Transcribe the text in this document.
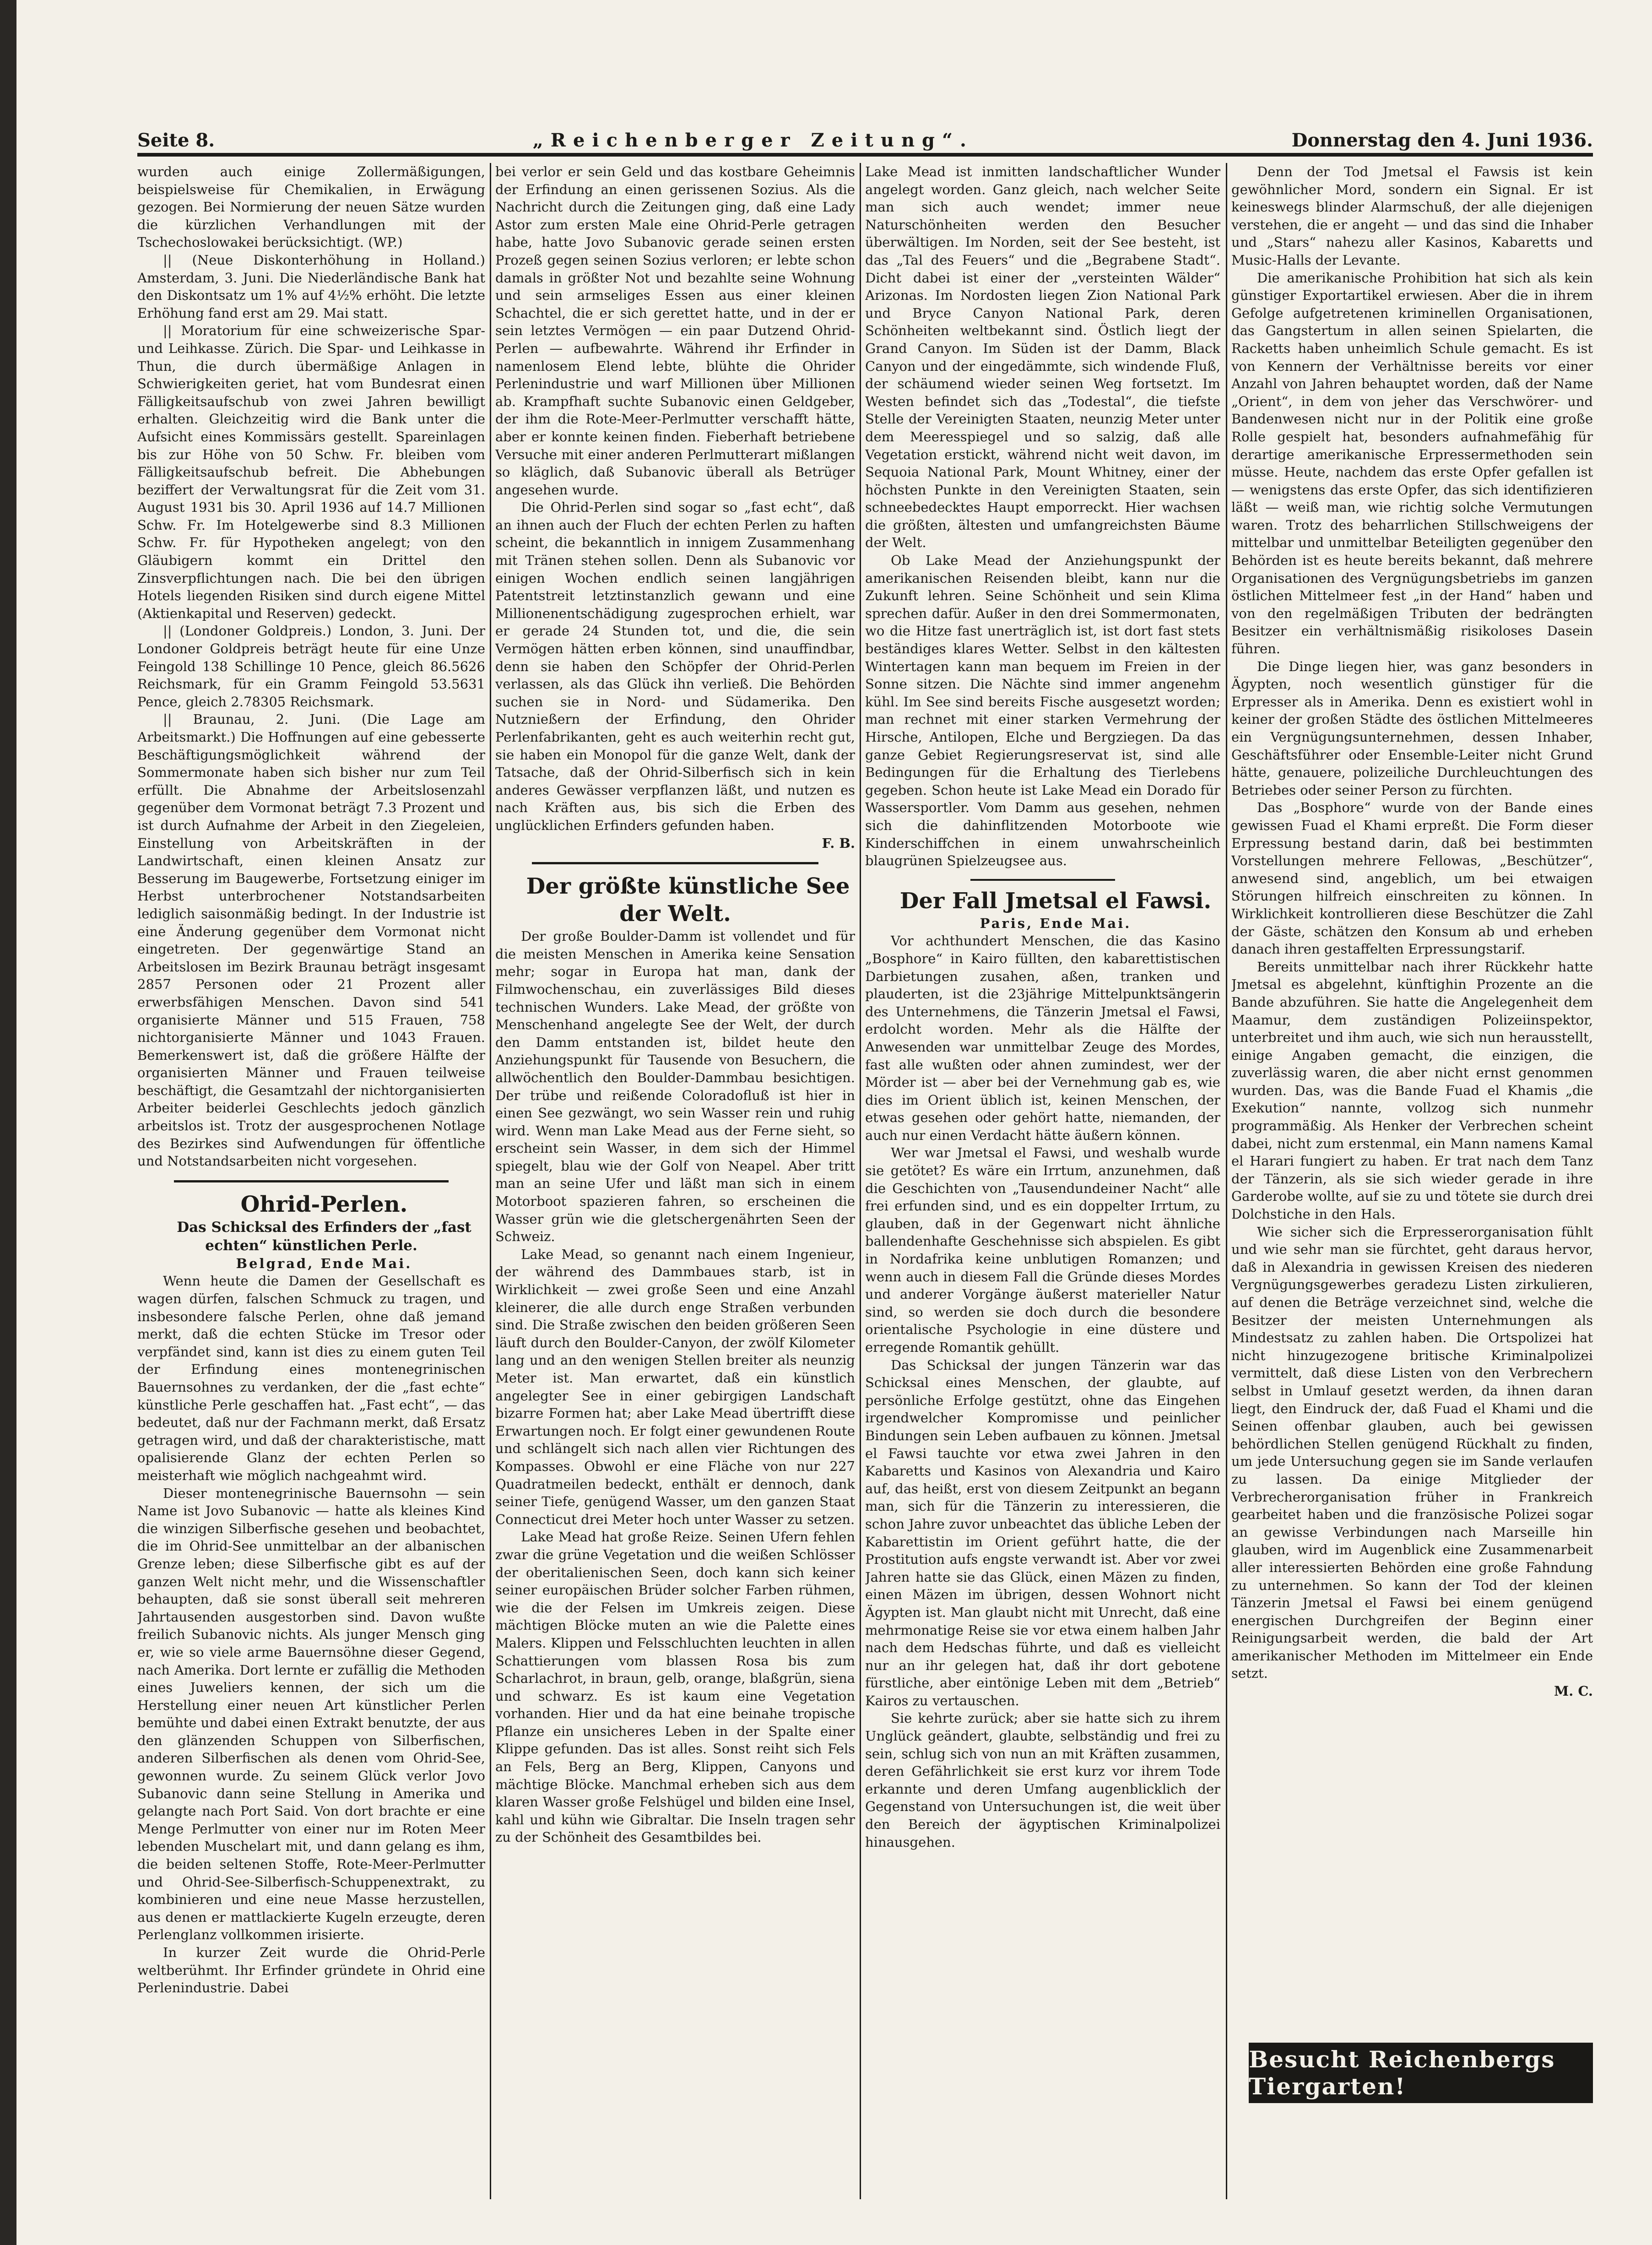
Seite 8.	„Reichenberger Zeitung“.	Donnerstag den 4. Juni 1936.

wurden auch einige Zollermäßigungen, beispielsweise für Chemikalien, in Erwägung gezogen. Bei Normierung der neuen Sätze wurden die kürzlichen Verhandlungen mit der Tschechoslowakei berücksichtigt. (WP.)

|| (Neue Diskonterhöhung in Holland.) Amsterdam, 3. Juni. Die Niederländische Bank hat den Diskontsatz um 1% auf 4½% erhöht. Die letzte Erhöhung fand erst am 29. Mai statt.

|| Moratorium für eine schweizerische Spar- und Leihkasse. Zürich. Die Spar- und Leihkasse in Thun, die durch übermäßige Anlagen in Schwierigkeiten geriet, hat vom Bundesrat einen Fälligkeitsaufschub von zwei Jahren bewilligt erhalten. Gleichzeitig wird die Bank unter die Aufsicht eines Kommissärs gestellt. Spareinlagen bis zur Höhe von 50 Schw. Fr. bleiben vom Fälligkeitsaufschub befreit. Die Abhebungen beziffert der Verwaltungsrat für die Zeit vom 31. August 1931 bis 30. April 1936 auf 14.7 Millionen Schw. Fr. Im Hotelgewerbe sind 8.3 Millionen Schw. Fr. für Hypotheken angelegt; von den Gläubigern kommt ein Drittel den Zinsverpflichtungen nach. Die bei den übrigen Hotels liegenden Risiken sind durch eigene Mittel (Aktienkapital und Reserven) gedeckt.

|| (Londoner Goldpreis.) London, 3. Juni. Der Londoner Goldpreis beträgt heute für eine Unze Feingold 138 Schillinge 10 Pence, gleich 86.5626 Reichsmark, für ein Gramm Feingold 53.5631 Pence, gleich 2.78305 Reichsmark.

|| Braunau, 2. Juni. (Die Lage am Arbeitsmarkt.) Die Hoffnungen auf eine gebesserte Beschäftigungsmöglichkeit während der Sommermonate haben sich bisher nur zum Teil erfüllt. Die Abnahme der Arbeitslosenzahl gegenüber dem Vormonat beträgt 7.3 Prozent und ist durch Aufnahme der Arbeit in den Ziegeleien, Einstellung von Arbeitskräften in der Landwirtschaft, einen kleinen Ansatz zur Besserung im Baugewerbe, Fortsetzung einiger im Herbst unterbrochener Notstandsarbeiten lediglich saisonmäßig bedingt. In der Industrie ist eine Änderung gegenüber dem Vormonat nicht eingetreten. Der gegenwärtige Stand an Arbeitslosen im Bezirk Braunau beträgt insgesamt 2857 Personen oder 21 Prozent aller erwerbsfähigen Menschen. Davon sind 541 organisierte Männer und 515 Frauen, 758 nichtorganisierte Männer und 1043 Frauen. Bemerkenswert ist, daß die größere Hälfte der organisierten Männer und Frauen teilweise beschäftigt, die Gesamtzahl der nichtorganisierten Arbeiter beiderlei Geschlechts jedoch gänzlich arbeitslos ist. Trotz der ausgesprochenen Notlage des Bezirkes sind Aufwendungen für öffentliche und Notstandsarbeiten nicht vorgesehen.

Ohrid-Perlen.

Das Schicksal des Erfinders der „fast echten“ künstlichen Perle.

Belgrad, Ende Mai.

Wenn heute die Damen der Gesellschaft es wagen dürfen, falschen Schmuck zu tragen, und insbesondere falsche Perlen, ohne daß jemand merkt, daß die echten Stücke im Tresor oder verpfändet sind, kann ist dies zu einem guten Teil der Erfindung eines montenegrinischen Bauernsohnes zu verdanken, der die „fast echte“ künstliche Perle geschaffen hat. „Fast echt“, — das bedeutet, daß nur der Fachmann merkt, daß Ersatz getragen wird, und daß der charakteristische, matt opalisierende Glanz der echten Perlen so meisterhaft wie möglich nachgeahmt wird.

Dieser montenegrinische Bauernsohn — sein Name ist Jovo Subanovic — hatte als kleines Kind die winzigen Silberfische gesehen und beobachtet, die im Ohrid-See unmittelbar an der albanischen Grenze leben; diese Silberfische gibt es auf der ganzen Welt nicht mehr, und die Wissenschaftler behaupten, daß sie sonst überall seit mehreren Jahrtausenden ausgestorben sind. Davon wußte freilich Subanovic nichts. Als junger Mensch ging er, wie so viele arme Bauernsöhne dieser Gegend, nach Amerika. Dort lernte er zufällig die Methoden eines Juweliers kennen, der sich um die Herstellung einer neuen Art künstlicher Perlen bemühte und dabei einen Extrakt benutzte, der aus den glänzenden Schuppen von Silberfischen, anderen Silberfischen als denen vom Ohrid-See, gewonnen wurde. Zu seinem Glück verlor Jovo Subanovic dann seine Stellung in Amerika und gelangte nach Port Said. Von dort brachte er eine Menge Perlmutter von einer nur im Roten Meer lebenden Muschelart mit, und dann gelang es ihm, die beiden seltenen Stoffe, Rote-Meer-Perlmutter und Ohrid-See-Silberfisch-Schuppenextrakt, zu kombinieren und eine neue Masse herzustellen, aus denen er mattlackierte Kugeln erzeugte, deren Perlenglanz vollkommen irisierte.

In kurzer Zeit wurde die Ohrid-Perle weltberühmt. Ihr Erfinder gründete in Ohrid eine Perlenindustrie. Dabei

bei verlor er sein Geld und das kostbare Geheimnis der Erfindung an einen gerissenen Sozius. Als die Nachricht durch die Zeitungen ging, daß eine Lady Astor zum ersten Male eine Ohrid-Perle getragen habe, hatte Jovo Subanovic gerade seinen ersten Prozeß gegen seinen Sozius verloren; er lebte schon damals in größter Not und bezahlte seine Wohnung und sein armseliges Essen aus einer kleinen Schachtel, die er sich gerettet hatte, und in der er sein letztes Vermögen — ein paar Dutzend Ohrid-Perlen — aufbewahrte. Während ihr Erfinder in namenlosem Elend lebte, blühte die Ohrider Perlenindustrie und warf Millionen über Millionen ab. Krampfhaft suchte Subanovic einen Geldgeber, der ihm die Rote-Meer-Perlmutter verschafft hätte, aber er konnte keinen finden. Fieberhaft betriebene Versuche mit einer anderen Perlmutterart mißlangen so kläglich, daß Subanovic überall als Betrüger angesehen wurde.

Die Ohrid-Perlen sind sogar so „fast echt“, daß an ihnen auch der Fluch der echten Perlen zu haften scheint, die bekanntlich in innigem Zusammenhang mit Tränen stehen sollen. Denn als Subanovic vor einigen Wochen endlich seinen langjährigen Patentstreit letztinstanzlich gewann und eine Millionenentschädigung zugesprochen erhielt, war er gerade 24 Stunden tot, und die, die sein Vermögen hätten erben können, sind unauffindbar, denn sie haben den Schöpfer der Ohrid-Perlen verlassen, als das Glück ihn verließ. Die Behörden suchen sie in Nord- und Südamerika. Den Nutznießern der Erfindung, den Ohrider Perlenfabrikanten, geht es auch weiterhin recht gut, sie haben ein Monopol für die ganze Welt, dank der Tatsache, daß der Ohrid-Silberfisch sich in kein anderes Gewässer verpflanzen läßt, und nutzen es nach Kräften aus, bis sich die Erben des unglücklichen Erfinders gefunden haben.

F. B.

Der größte künstliche See der Welt.

Der große Boulder-Damm ist vollendet und für die meisten Menschen in Amerika keine Sensation mehr; sogar in Europa hat man, dank der Filmwochenschau, ein zuverlässiges Bild dieses technischen Wunders. Lake Mead, der größte von Menschenhand angelegte See der Welt, der durch den Damm entstanden ist, bildet heute den Anziehungspunkt für Tausende von Besuchern, die allwöchentlich den Boulder-Dammbau besichtigen. Der trübe und reißende Coloradofluß ist hier in einen See gezwängt, wo sein Wasser rein und ruhig wird. Wenn man Lake Mead aus der Ferne sieht, so erscheint sein Wasser, in dem sich der Himmel spiegelt, blau wie der Golf von Neapel. Aber tritt man an seine Ufer und läßt man sich in einem Motorboot spazieren fahren, so erscheinen die Wasser grün wie die gletschergenährten Seen der Schweiz.

Lake Mead, so genannt nach einem Ingenieur, der während des Dammbaues starb, ist in Wirklichkeit — zwei große Seen und eine Anzahl kleinerer, die alle durch enge Straßen verbunden sind. Die Straße zwischen den beiden größeren Seen läuft durch den Boulder-Canyon, der zwölf Kilometer lang und an den wenigen Stellen breiter als neunzig Meter ist. Man erwartet, daß ein künstlich angelegter See in einer gebirgigen Landschaft bizarre Formen hat; aber Lake Mead übertrifft diese Erwartungen noch. Er folgt einer gewundenen Route und schlängelt sich nach allen vier Richtungen des Kompasses. Obwohl er eine Fläche von nur 227 Quadratmeilen bedeckt, enthält er dennoch, dank seiner Tiefe, genügend Wasser, um den ganzen Staat Connecticut drei Meter hoch unter Wasser zu setzen.

Lake Mead hat große Reize. Seinen Ufern fehlen zwar die grüne Vegetation und die weißen Schlösser der oberitalienischen Seen, doch kann sich keiner seiner europäischen Brüder solcher Farben rühmen, wie die der Felsen im Umkreis zeigen. Diese mächtigen Blöcke muten an wie die Palette eines Malers. Klippen und Felsschluchten leuchten in allen Schattierungen vom blassen Rosa bis zum Scharlachrot, in braun, gelb, orange, blaßgrün, siena und schwarz. Es ist kaum eine Vegetation vorhanden. Hier und da hat eine beinahe tropische Pflanze ein unsicheres Leben in der Spalte einer Klippe gefunden. Das ist alles. Sonst reiht sich Fels an Fels, Berg an Berg, Klippen, Canyons und mächtige Blöcke. Manchmal erheben sich aus dem klaren Wasser große Felshügel und bilden eine Insel, kahl und kühn wie Gibraltar. Die Inseln tragen sehr zu der Schönheit des Gesamtbildes bei.

Lake Mead ist inmitten landschaftlicher Wunder angelegt worden. Ganz gleich, nach welcher Seite man sich auch wendet; immer neue Naturschönheiten werden den Besucher überwältigen. Im Norden, seit der See besteht, ist das „Tal des Feuers“ und die „Begrabene Stadt“. Dicht dabei ist einer der „versteinten Wälder“ Arizonas. Im Nordosten liegen Zion National Park und Bryce Canyon National Park, deren Schönheiten weltbekannt sind. Östlich liegt der Grand Canyon. Im Süden ist der Damm, Black Canyon und der eingedämmte, sich windende Fluß, der schäumend wieder seinen Weg fortsetzt. Im Westen befindet sich das „Todestal“, die tiefste Stelle der Vereinigten Staaten, neunzig Meter unter dem Meeresspiegel und so salzig, daß alle Vegetation erstickt, während nicht weit davon, im Sequoia National Park, Mount Whitney, einer der höchsten Punkte in den Vereinigten Staaten, sein schneebedecktes Haupt emporreckt. Hier wachsen die größten, ältesten und umfangreichsten Bäume der Welt.

Ob Lake Mead der Anziehungspunkt der amerikanischen Reisenden bleibt, kann nur die Zukunft lehren. Seine Schönheit und sein Klima sprechen dafür. Außer in den drei Sommermonaten, wo die Hitze fast unerträglich ist, ist dort fast stets beständiges klares Wetter. Selbst in den kältesten Wintertagen kann man bequem im Freien in der Sonne sitzen. Die Nächte sind immer angenehm kühl. Im See sind bereits Fische ausgesetzt worden; man rechnet mit einer starken Vermehrung der Hirsche, Antilopen, Elche und Bergziegen. Da das ganze Gebiet Regierungsreservat ist, sind alle Bedingungen für die Erhaltung des Tierlebens gegeben. Schon heute ist Lake Mead ein Dorado für Wassersportler. Vom Damm aus gesehen, nehmen sich die dahinflitzenden Motorboote wie Kinderschiffchen in einem unwahrscheinlich blaugrünen Spielzeugsee aus.

Der Fall Jmetsal el Fawsi.

Paris, Ende Mai.

Vor achthundert Menschen, die das Kasino „Bosphore“ in Kairo füllten, den kabarettistischen Darbietungen zusahen, aßen, tranken und plauderten, ist die 23jährige Mittelpunktsängerin des Unternehmens, die Tänzerin Jmetsal el Fawsi, erdolcht worden. Mehr als die Hälfte der Anwesenden war unmittelbar Zeuge des Mordes, fast alle wußten oder ahnen zumindest, wer der Mörder ist — aber bei der Vernehmung gab es, wie dies im Orient üblich ist, keinen Menschen, der etwas gesehen oder gehört hatte, niemanden, der auch nur einen Verdacht hätte äußern können.

Wer war Jmetsal el Fawsi, und weshalb wurde sie getötet? Es wäre ein Irrtum, anzunehmen, daß die Geschichten von „Tausendundeiner Nacht“ alle frei erfunden sind, und es ein doppelter Irrtum, zu glauben, daß in der Gegenwart nicht ähnliche ballendenhafte Geschehnisse sich abspielen. Es gibt in Nordafrika keine unblutigen Romanzen; und wenn auch in diesem Fall die Gründe dieses Mordes und anderer Vorgänge äußerst materieller Natur sind, so werden sie doch durch die besondere orientalische Psychologie in eine düstere und erregende Romantik gehüllt.

Das Schicksal der jungen Tänzerin war das Schicksal eines Menschen, der glaubte, auf persönliche Erfolge gestützt, ohne das Eingehen irgendwelcher Kompromisse und peinlicher Bindungen sein Leben aufbauen zu können. Jmetsal el Fawsi tauchte vor etwa zwei Jahren in den Kabaretts und Kasinos von Alexandria und Kairo auf, das heißt, erst von diesem Zeitpunkt an begann man, sich für die Tänzerin zu interessieren, die schon Jahre zuvor unbeachtet das übliche Leben der Kabarettistin im Orient geführt hatte, die der Prostitution aufs engste verwandt ist. Aber vor zwei Jahren hatte sie das Glück, einen Mäzen zu finden, einen Mäzen im übrigen, dessen Wohnort nicht Ägypten ist. Man glaubt nicht mit Unrecht, daß eine mehrmonatige Reise sie vor etwa einem halben Jahr nach dem Hedschas führte, und daß es vielleicht nur an ihr gelegen hat, daß ihr dort gebotene fürstliche, aber eintönige Leben mit dem „Betrieb“ Kairos zu vertauschen.

Sie kehrte zurück; aber sie hatte sich zu ihrem Unglück geändert, glaubte, selbständig und frei zu sein, schlug sich von nun an mit Kräften zusammen, deren Gefährlichkeit sie erst kurz vor ihrem Tode erkannte und deren Umfang augenblicklich der Gegenstand von Untersuchungen ist, die weit über den Bereich der ägyptischen Kriminalpolizei hinausgehen.

Denn der Tod Jmetsal el Fawsis ist kein gewöhnlicher Mord, sondern ein Signal. Er ist keineswegs blinder Alarmschuß, der alle diejenigen verstehen, die er angeht — und das sind die Inhaber und „Stars“ nahezu aller Kasinos, Kabaretts und Music-Halls der Levante.

Die amerikanische Prohibition hat sich als kein günstiger Exportartikel erwiesen. Aber die in ihrem Gefolge aufgetretenen kriminellen Organisationen, das Gangstertum in allen seinen Spielarten, die Racketts haben unheimlich Schule gemacht. Es ist von Kennern der Verhältnisse bereits vor einer Anzahl von Jahren behauptet worden, daß der Name „Orient“, in dem von jeher das Verschwörer- und Bandenwesen nicht nur in der Politik eine große Rolle gespielt hat, besonders aufnahmefähig für derartige amerikanische Erpressermethoden sein müsse. Heute, nachdem das erste Opfer gefallen ist — wenigstens das erste Opfer, das sich identifizieren läßt — weiß man, wie richtig solche Vermutungen waren. Trotz des beharrlichen Stillschweigens der mittelbar und unmittelbar Beteiligten gegenüber den Behörden ist es heute bereits bekannt, daß mehrere Organisationen des Vergnügungsbetriebs im ganzen östlichen Mittelmeer fest „in der Hand“ haben und von den regelmäßigen Tributen der bedrängten Besitzer ein verhältnismäßig risikoloses Dasein führen.

Die Dinge liegen hier, was ganz besonders in Ägypten, noch wesentlich günstiger für die Erpresser als in Amerika. Denn es existiert wohl in keiner der großen Städte des östlichen Mittelmeeres ein Vergnügungsunternehmen, dessen Inhaber, Geschäftsführer oder Ensemble-Leiter nicht Grund hätte, genauere, polizeiliche Durchleuchtungen des Betriebes oder seiner Person zu fürchten.

Das „Bosphore“ wurde von der Bande eines gewissen Fuad el Khami erpreßt. Die Form dieser Erpressung bestand darin, daß bei bestimmten Vorstellungen mehrere Fellowas, „Beschützer“, anwesend sind, angeblich, um bei etwaigen Störungen hilfreich einschreiten zu können. In Wirklichkeit kontrollieren diese Beschützer die Zahl der Gäste, schätzen den Konsum ab und erheben danach ihren gestaffelten Erpressungstarif.

Bereits unmittelbar nach ihrer Rückkehr hatte Jmetsal es abgelehnt, künftighin Prozente an die Bande abzuführen. Sie hatte die Angelegenheit dem Maamur, dem zuständigen Polizeiinspektor, unterbreitet und ihm auch, wie sich nun herausstellt, einige Angaben gemacht, die einzigen, die zuverlässig waren, die aber nicht ernst genommen wurden. Das, was die Bande Fuad el Khamis „die Exekution“ nannte, vollzog sich nunmehr programmäßig. Als Henker der Verbrechen scheint dabei, nicht zum erstenmal, ein Mann namens Kamal el Harari fungiert zu haben. Er trat nach dem Tanz der Tänzerin, als sie sich wieder gerade in ihre Garderobe wollte, auf sie zu und tötete sie durch drei Dolchstiche in den Hals.

Wie sicher sich die Erpresserorganisation fühlt und wie sehr man sie fürchtet, geht daraus hervor, daß in Alexandria in gewissen Kreisen des niederen Vergnügungsgewerbes geradezu Listen zirkulieren, auf denen die Beträge verzeichnet sind, welche die Besitzer der meisten Unternehmungen als Mindestsatz zu zahlen haben. Die Ortspolizei hat nicht hinzugezogene britische Kriminalpolizei vermittelt, daß diese Listen von den Verbrechern selbst in Umlauf gesetzt werden, da ihnen daran liegt, den Eindruck der, daß Fuad el Khami und die Seinen offenbar glauben, auch bei gewissen behördlichen Stellen genügend Rückhalt zu finden, um jede Untersuchung gegen sie im Sande verlaufen zu lassen. Da einige Mitglieder der Verbrecherorganisation früher in Frankreich gearbeitet haben und die französische Polizei sogar an gewisse Verbindungen nach Marseille hin glauben, wird im Augenblick eine Zusammenarbeit aller interessierten Behörden eine große Fahndung zu unternehmen. So kann der Tod der kleinen Tänzerin Jmetsal el Fawsi bei einem genügend energischen Durchgreifen der Beginn einer Reinigungsarbeit werden, die bald der Art amerikanischer Methoden im Mittelmeer ein Ende setzt.

M. C.

Besucht Reichenbergs Tiergarten!
